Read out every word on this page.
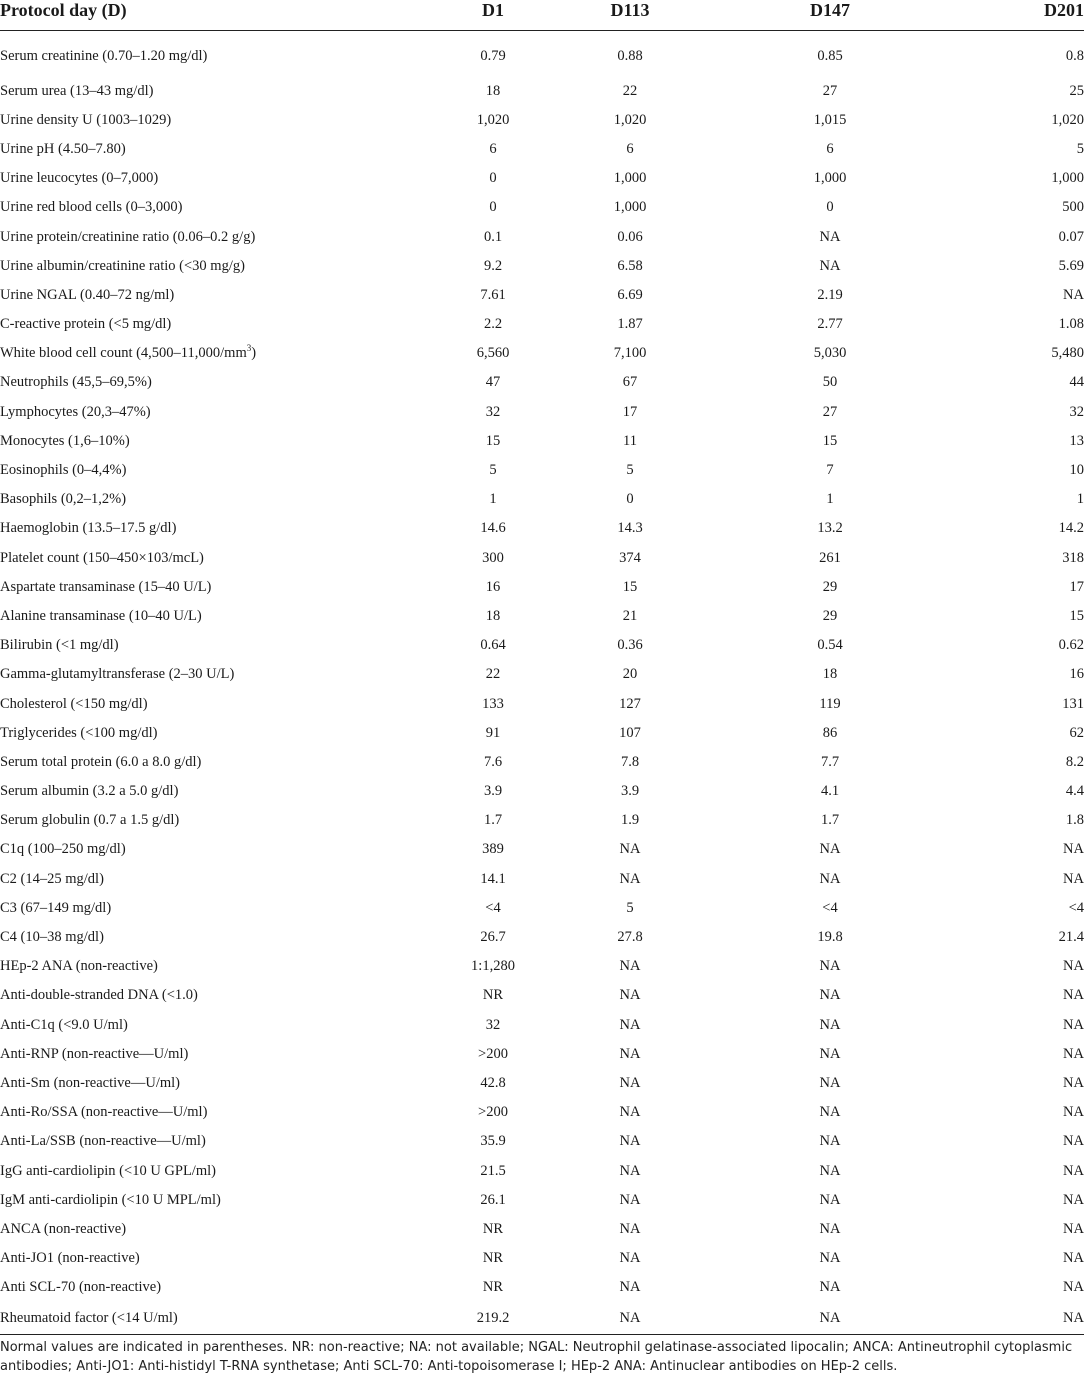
Protocol day (D)	D1	D113	D147	D201
Serum creatinine (0.70–1.20 mg/dl)	0.79	0.88	0.85	0.8
Serum urea (13–43 mg/dl)	18	22	27	25
Urine density U (1003–1029)	1,020	1,020	1,015	1,020
Urine pH (4.50–7.80)	6	6	6	5
Urine leucocytes (0–7,000)	0	1,000	1,000	1,000
Urine red blood cells (0–3,000)	0	1,000	0	500
Urine protein/creatinine ratio (0.06–0.2 g/g)	0.1	0.06	NA	0.07
Urine albumin/creatinine ratio (<30 mg/g)	9.2	6.58	NA	5.69
Urine NGAL (0.40–72 ng/ml)	7.61	6.69	2.19	NA
C-reactive protein (<5 mg/dl)	2.2	1.87	2.77	1.08
White blood cell count $(4,500-11,000/mm^3)$	6,560	7,100	5,030	5,480
Neutrophils (45,5–69,5%)	47	67	50	44
Lymphocytes (20,3–47%)	32	17	27	32
Monocytes (1,6–10%)	15	11	15	13
Eosinophils (0–4,4%)	5	5	7	10
Basophils (0,2–1,2%)	1	0	1	1
Haemoglobin (13.5–17.5 g/dl)	14.6	14.3	13.2	14.2
Platelet count (150–450×103/mcL)	300	374	261	318
Aspartate transaminase (15–40 U/L)	16	15	29	17
Alanine transaminase (10–40 U/L)	18	21	29	15
Bilirubin (<1 mg/dl)	0.64	0.36	0.54	0.62
Gamma-glutamyltransferase (2–30 U/L)	22	20	18	16
Cholesterol (<150 mg/dl)	133	127	119	131
Triglycerides (<100 mg/dl)	91	107	86	62
Serum total protein (6.0 a 8.0 g/dl)	7.6	7.8	7.7	8.2
Serum albumin (3.2 a 5.0 g/dl)	3.9	3.9	4.1	4.4
Serum globulin (0.7 a 1.5 g/dl)	1.7	1.9	1.7	1.8
C1q (100–250 mg/dl)	389	NA	NA	NA
C2 (14–25 mg/dl)	14.1	NA	NA	NA
C3 (67–149 mg/dl)	<4	5	<4	<4
C4 (10–38 mg/dl)	26.7	27.8	19.8	21.4
HEp-2 ANA (non-reactive)	1:1,280	NA	NA	NA
Anti-double-stranded DNA (<1.0)	NR	NA	NA	NA
Anti-C1q (<9.0 U/ml)	32	NA	NA	NA
Anti-RNP (non-reactive—U/ml)	>200	NA	NA	NA
Anti-Sm (non-reactive—U/ml)	42.8	NA	NA	NA
Anti-Ro/SSA (non-reactive—U/ml)	>200	NA	NA	NA
Anti-La/SSB (non-reactive—U/ml)	35.9	NA	NA	NA
IgG anti-cardiolipin (<10 U GPL/ml)	21.5	NA	NA	NA
IgM anti-cardiolipin (<10 U MPL/ml)	26.1	NA	NA	NA
ANCA (non-reactive)	NR	NA	NA	NA
Anti-JO1 (non-reactive)	NR	NA	NA	NA
Anti SCL-70 (non-reactive)	NR	NA	NA	NA
Rheumatoid factor (<14 U/ml)	219.2	NA	NA	NA
Normal values are indicated in parentheses. NR: non-reactive; NA: not available; NGAL: Neutrophil gelatinase-associated lipocalin; ANCA: Antineutrophil cytoplasmic antibodies; Anti-JO1: Anti-histidyl T-RNA synthetase; Anti SCL-70: Anti-topoisomerase I; HEp-2 ANA: Antinuclear antibodies on HEp-2 cells.
